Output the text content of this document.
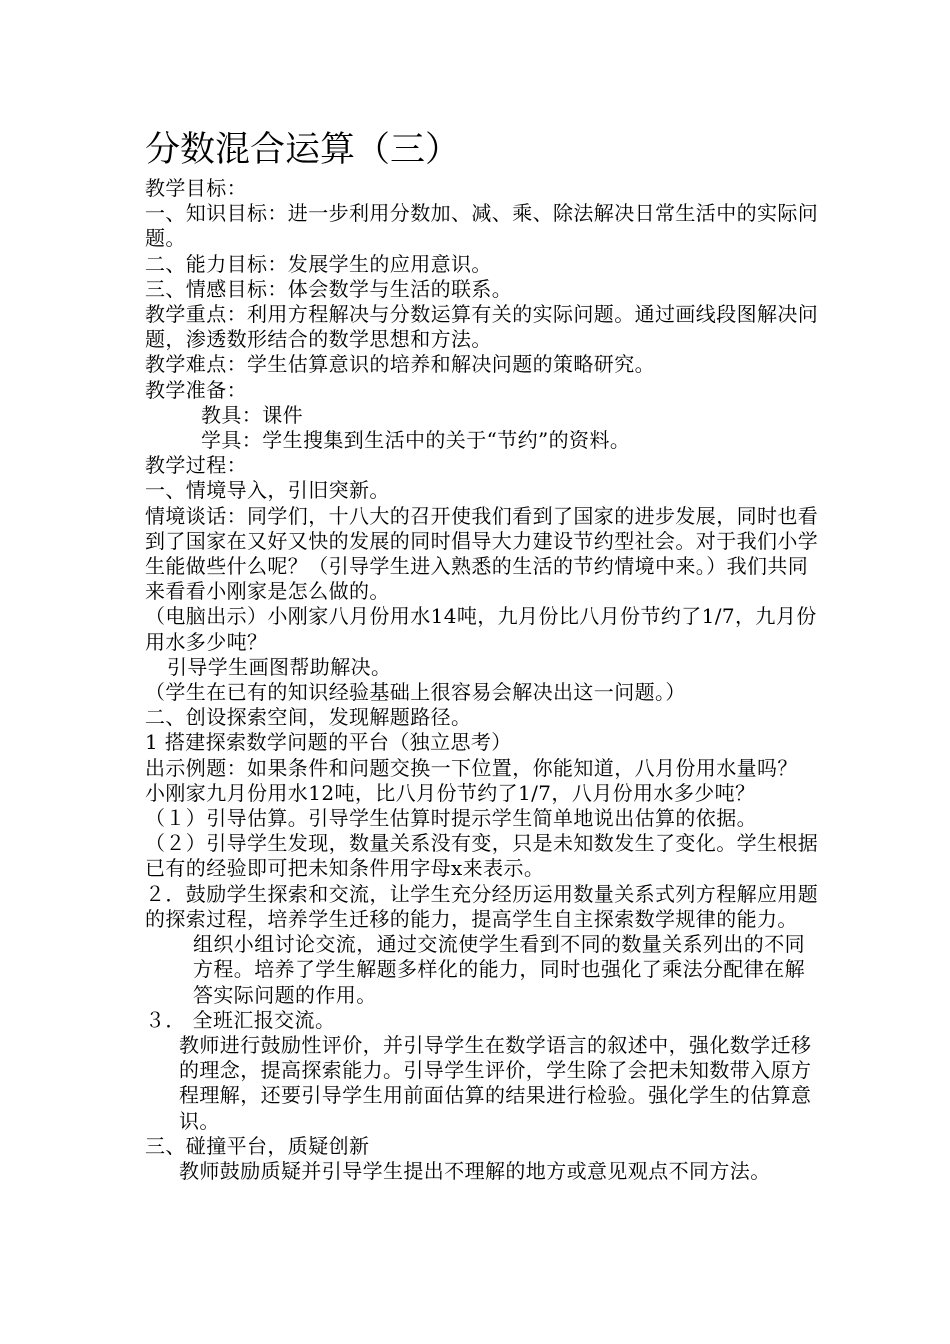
分数混合运算（三）

教学目标：

一、知识目标：进一步利用分数加、减、乘、除法解决日常生活中的实际问题。

二、能力目标：发展学生的应用意识。

三、情感目标：体会数学与生活的联系。

教学重点：利用方程解决与分数运算有关的实际问题。通过画线段图解决问题，渗透数形结合的数学思想和方法。

教学难点：学生估算意识的培养和解决问题的策略研究。

教学准备：

教具：课件

学具：学生搜集到生活中的关于“节约”的资料。

教学过程：

一、情境导入，引旧突新。

情境谈话：同学们，十八大的召开使我们看到了国家的进步发展，同时也看到了国家在又好又快的发展的同时倡导大力建设节约型社会。对于我们小学生能做些什么呢？（引导学生进入熟悉的生活的节约情境中来。）我们共同来看看小刚家是怎么做的。

（电脑出示）小刚家八月份用水14吨，九月份比八月份节约了1/7，九月份用水多少吨？

引导学生画图帮助解决。

（学生在已有的知识经验基础上很容易会解决出这一问题。）

二、创设探索空间，发现解题路径。

1 搭建探索数学问题的平台（独立思考）

出示例题：如果条件和问题交换一下位置，你能知道，八月份用水量吗？

小刚家九月份用水12吨，比八月份节约了1/7，八月份用水多少吨？

（１）引导估算。引导学生估算时提示学生简单地说出估算的依据。

（２）引导学生发现，数量关系没有变，只是未知数发生了变化。学生根据已有的经验即可把未知条件用字母x来表示。

２．鼓励学生探索和交流，让学生充分经历运用数量关系式列方程解应用题的探索过程，培养学生迁移的能力，提高学生自主探索数学规律的能力。

组织小组讨论交流，通过交流使学生看到不同的数量关系列出的不同方程。培养了学生解题多样化的能力，同时也强化了乘法分配律在解答实际问题的作用。

３． 全班汇报交流。

教师进行鼓励性评价，并引导学生在数学语言的叙述中，强化数学迁移的理念，提高探索能力。引导学生评价，学生除了会把未知数带入原方程理解，还要引导学生用前面估算的结果进行检验。强化学生的估算意识。

三、碰撞平台，质疑创新

教师鼓励质疑并引导学生提出不理解的地方或意见观点不同方法。
